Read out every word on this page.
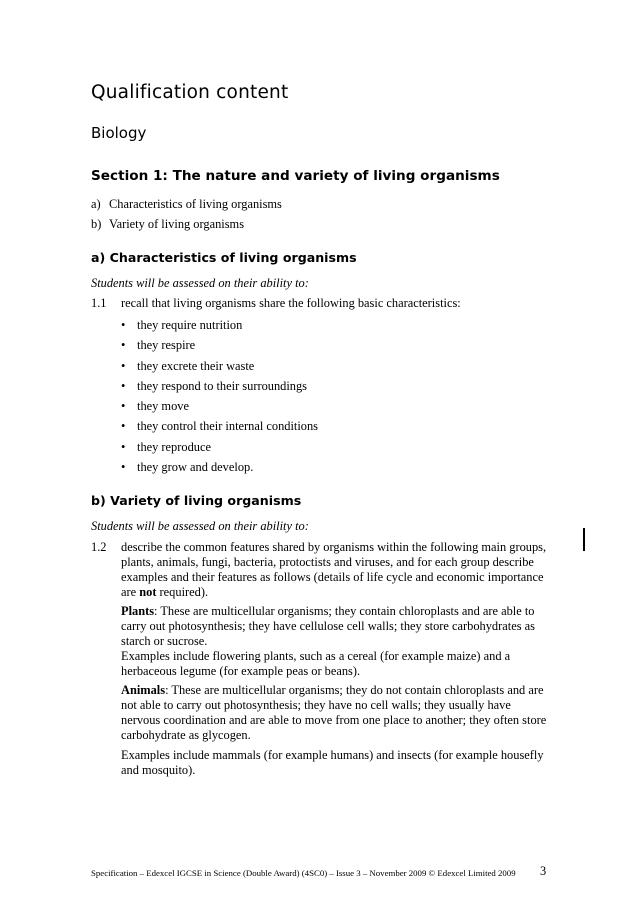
Qualification content
Biology
Section 1: The nature and variety of living organisms
a) Characteristics of living organisms
b) Variety of living organisms
a) Characteristics of living organisms
Students will be assessed on their ability to:
1.1 recall that living organisms share the following basic characteristics:
• they require nutrition
• they respire
• they excrete their waste
• they respond to their surroundings
• they move
• they control their internal conditions
• they reproduce
• they grow and develop.
b) Variety of living organisms
Students will be assessed on their ability to:
1.2 describe the common features shared by organisms within the following main groups, plants, animals, fungi, bacteria, protoctists and viruses, and for each group describe examples and their features as follows (details of life cycle and economic importance are not required).
Plants: These are multicellular organisms; they contain chloroplasts and are able to carry out photosynthesis; they have cellulose cell walls; they store carbohydrates as starch or sucrose.
Examples include flowering plants, such as a cereal (for example maize) and a herbaceous legume (for example peas or beans).
Animals: These are multicellular organisms; they do not contain chloroplasts and are not able to carry out photosynthesis; they have no cell walls; they usually have nervous coordination and are able to move from one place to another; they often store carbohydrate as glycogen.
Examples include mammals (for example humans) and insects (for example housefly and mosquito).
Specification – Edexcel IGCSE in Science (Double Award) (4SC0) – Issue 3 – November 2009 © Edexcel Limited 2009 3
